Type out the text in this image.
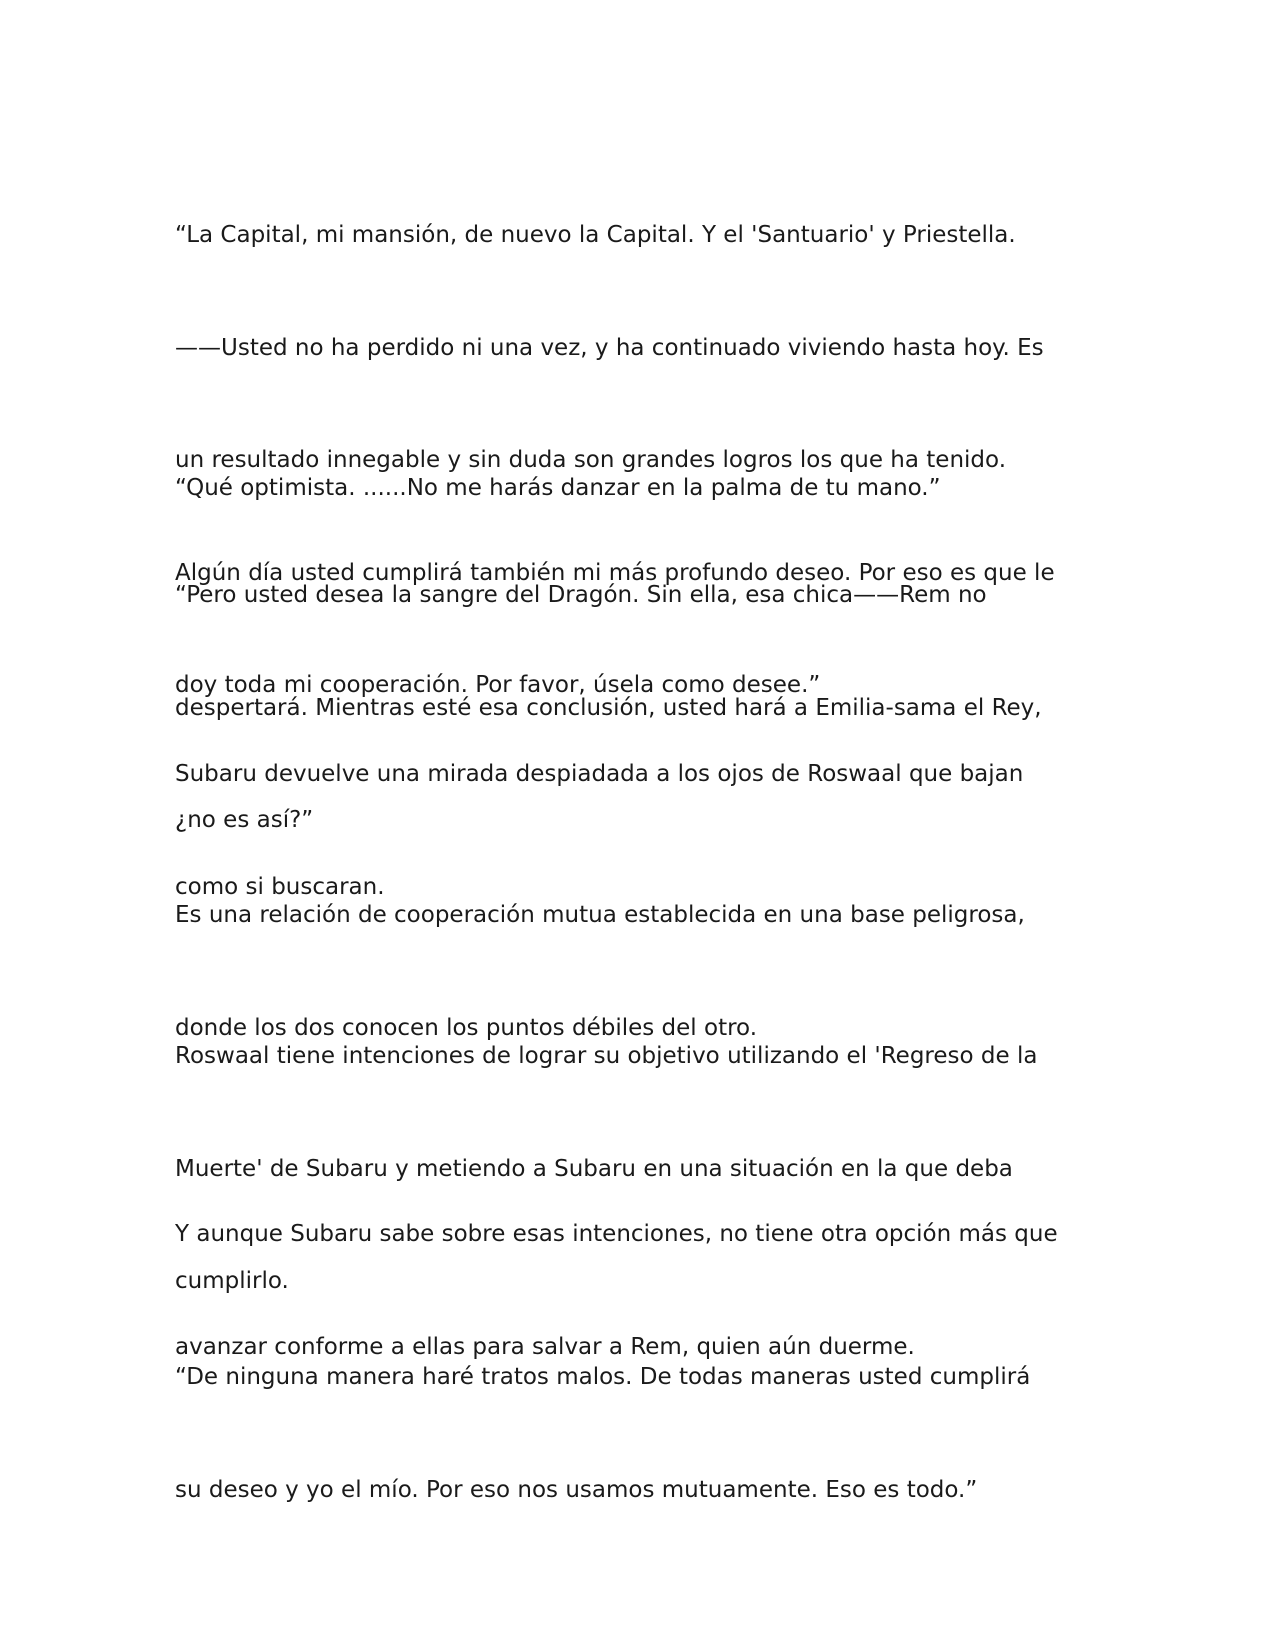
“La Capital, mi mansión, de nuevo la Capital. Y el 'Santuario' y Priestella.

——Usted no ha perdido ni una vez, y ha continuado viviendo hasta hoy. Es

un resultado innegable y sin duda son grandes logros los que ha tenido.

Algún día usted cumplirá también mi más profundo deseo. Por eso es que le

doy toda mi cooperación. Por favor, úsela como desee.”

“Qué optimista. ......No me harás danzar en la palma de tu mano.”

“Pero usted desea la sangre del Dragón. Sin ella, esa chica——Rem no

despertará. Mientras esté esa conclusión, usted hará a Emilia-sama el Rey,

¿no es así?”

Subaru devuelve una mirada despiadada a los ojos de Roswaal que bajan

como si buscaran.

Es una relación de cooperación mutua establecida en una base peligrosa,

donde los dos conocen los puntos débiles del otro.

Roswaal tiene intenciones de lograr su objetivo utilizando el 'Regreso de la

Muerte' de Subaru y metiendo a Subaru en una situación en la que deba

cumplirlo.

Y aunque Subaru sabe sobre esas intenciones, no tiene otra opción más que

avanzar conforme a ellas para salvar a Rem, quien aún duerme.

“De ninguna manera haré tratos malos. De todas maneras usted cumplirá

su deseo y yo el mío. Por eso nos usamos mutuamente. Eso es todo.”
